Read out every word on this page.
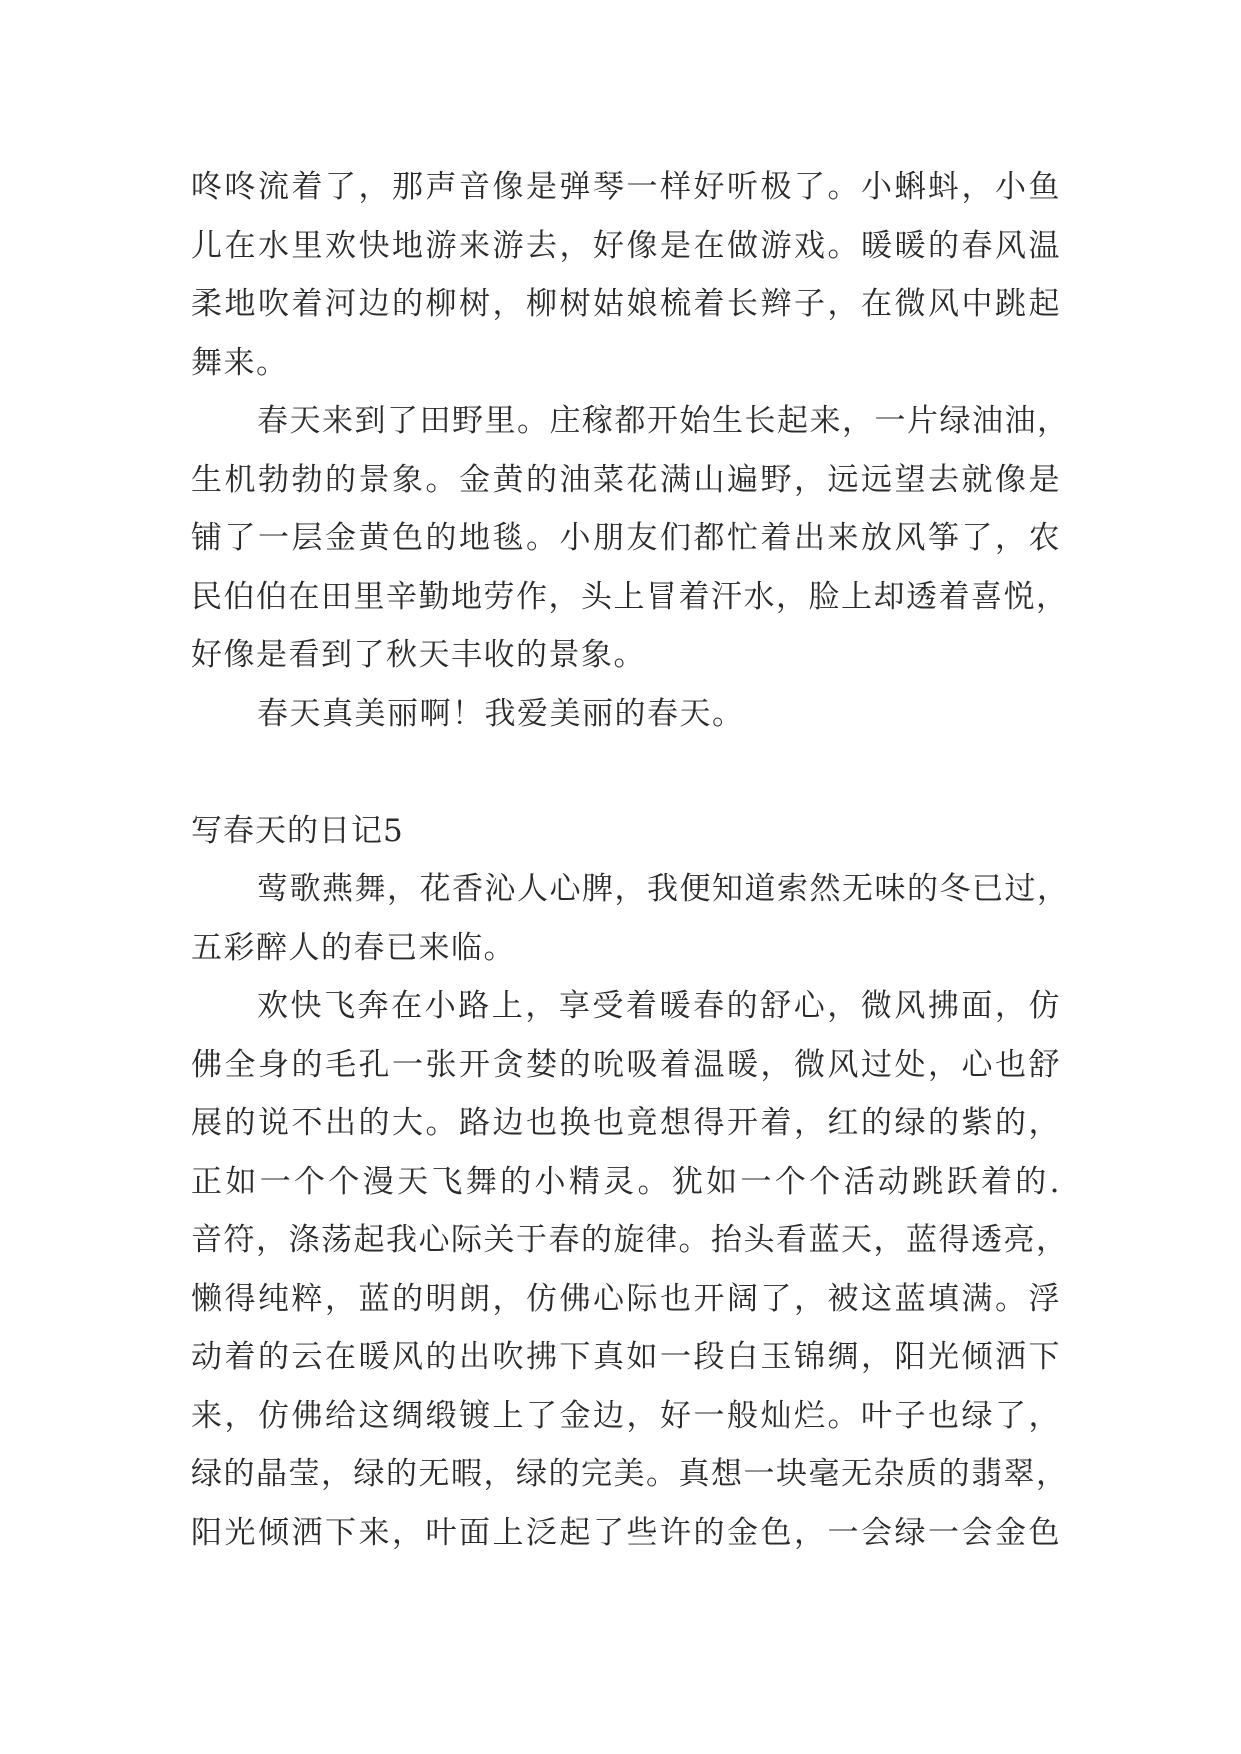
咚咚流着了，那声音像是弹琴一样好听极了。小蝌蚪，小鱼
儿在水里欢快地游来游去，好像是在做游戏。暖暖的春风温
柔地吹着河边的柳树，柳树姑娘梳着长辫子，在微风中跳起
舞来。
春天来到了田野里。庄稼都开始生长起来，一片绿油油，
生机勃勃的景象。金黄的油菜花满山遍野，远远望去就像是
铺了一层金黄色的地毯。小朋友们都忙着出来放风筝了，农
民伯伯在田里辛勤地劳作，头上冒着汗水，脸上却透着喜悦，
好像是看到了秋天丰收的景象。
春天真美丽啊！我爱美丽的春天。
写春天的日记5
莺歌燕舞，花香沁人心脾，我便知道索然无味的冬已过，
五彩醉人的春已来临。
欢快飞奔在小路上，享受着暖春的舒心，微风拂面，仿
佛全身的毛孔一张开贪婪的吮吸着温暖，微风过处，心也舒
展的说不出的大。路边也换也竟想得开着，红的绿的紫的，
正如一个个漫天飞舞的小精灵。犹如一个个活动跳跃着的.
音符，涤荡起我心际关于春的旋律。抬头看蓝天，蓝得透亮，
懒得纯粹，蓝的明朗，仿佛心际也开阔了，被这蓝填满。浮
动着的云在暖风的出吹拂下真如一段白玉锦绸，阳光倾洒下
来，仿佛给这绸缎镀上了金边，好一般灿烂。叶子也绿了，
绿的晶莹，绿的无暇，绿的完美。真想一块毫无杂质的翡翠，
阳光倾洒下来，叶面上泛起了些许的金色，一会绿一会金色
